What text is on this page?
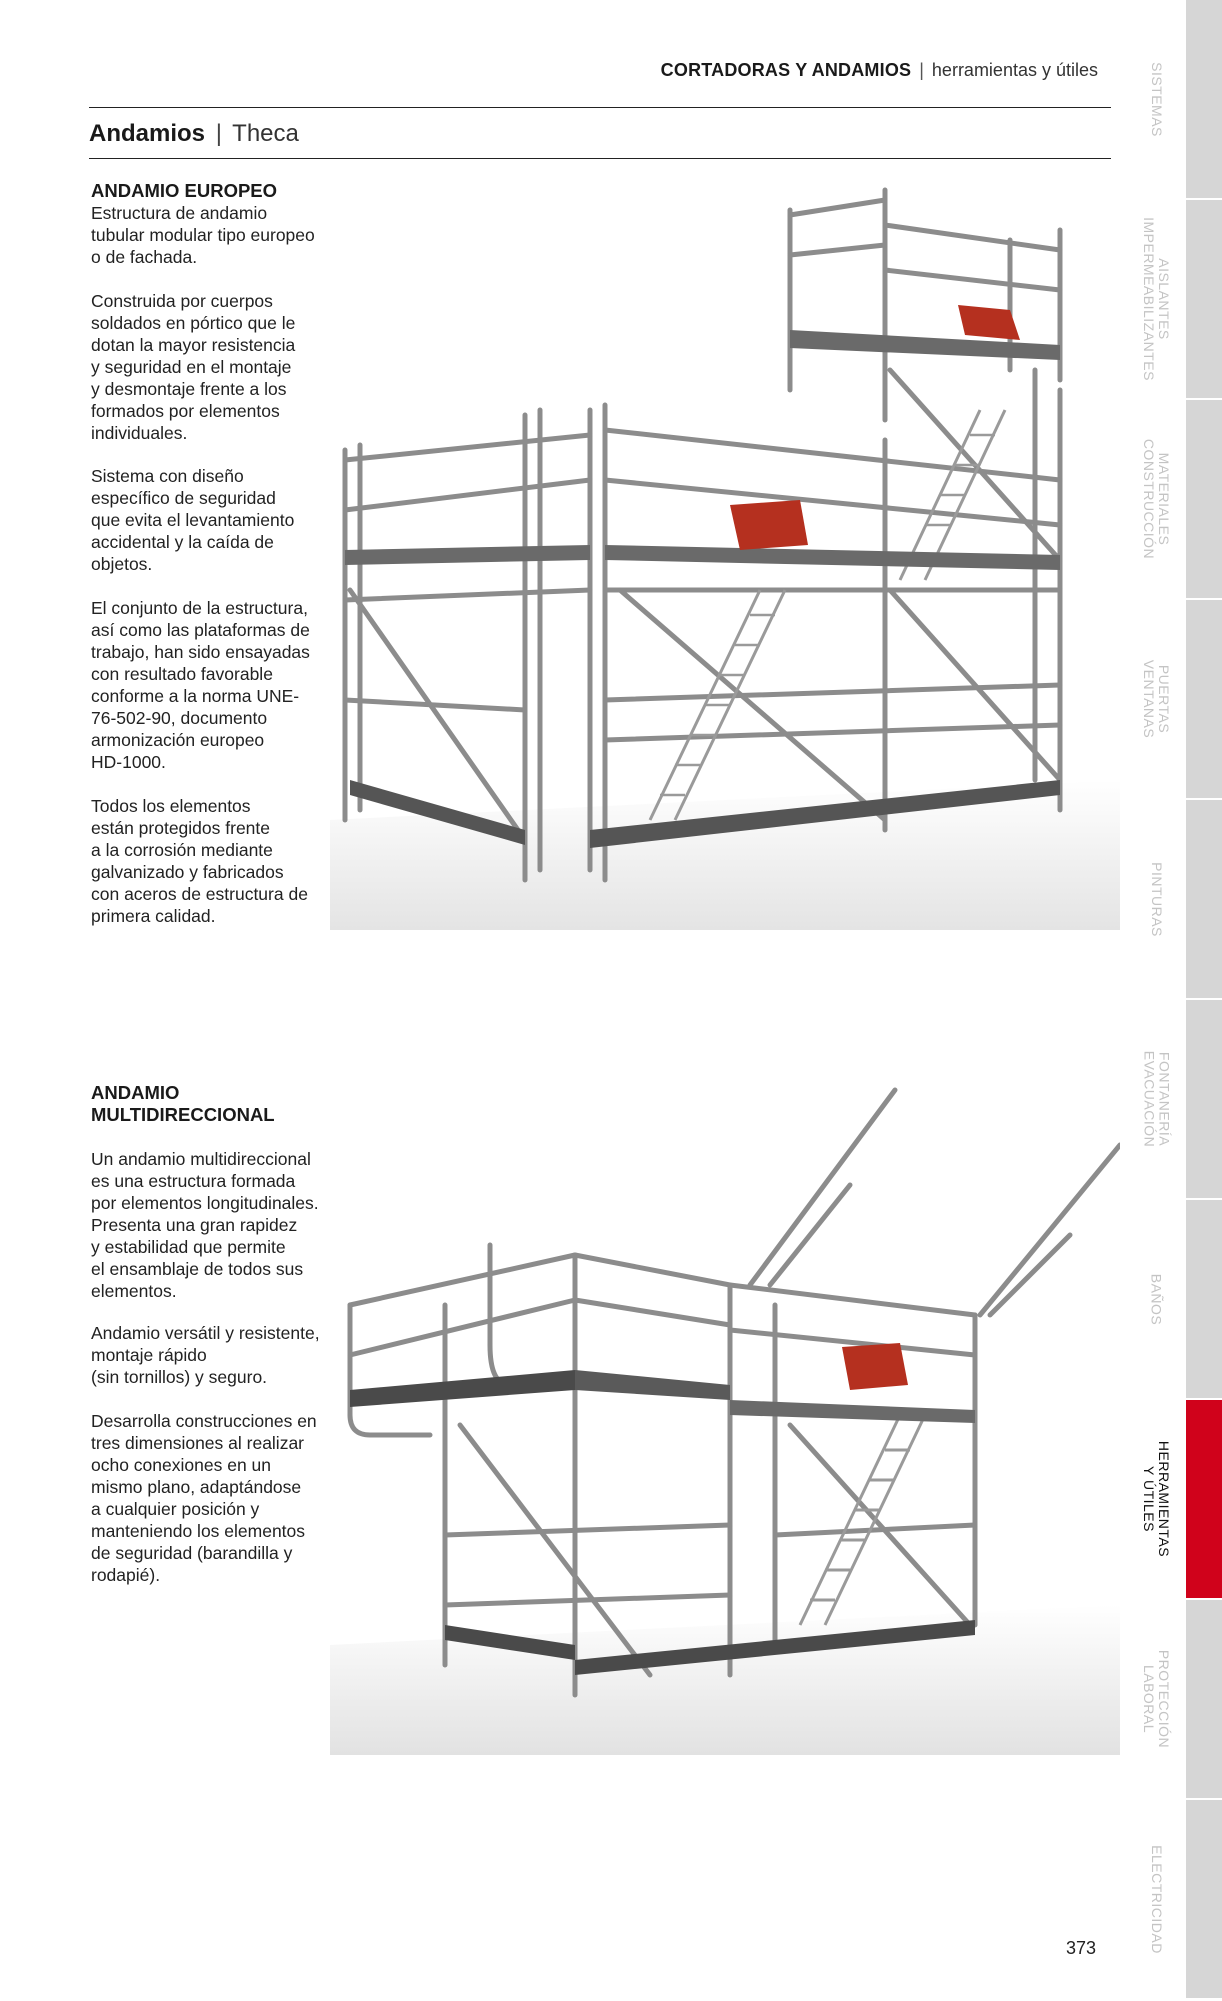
CORTADORAS Y ANDAMIOS | herramientas y útiles
Andamios | Theca
ANDAMIO EUROPEO
Estructura de andamio
tubular modular tipo europeo
o de fachada.
Construida por cuerpos
soldados en pórtico que le
dotan la mayor resistencia
y seguridad en el montaje
y desmontaje frente a los
formados por elementos
individuales.
Sistema con diseño
específico de seguridad
que evita el levantamiento
accidental y la caída de
objetos.
El conjunto de la estructura,
así como las plataformas de
trabajo, han sido ensayadas
con resultado favorable
conforme a la norma UNE-
76-502-90, documento
armonización europeo
HD-1000.
Todos los elementos
están protegidos frente
a la corrosión mediante
galvanizado y fabricados
con aceros de estructura de
primera calidad.
ANDAMIO
MULTIDIRECCIONAL
Un andamio multidireccional
es una estructura formada
por elementos longitudinales.
Presenta una gran rapidez
y estabilidad que permite
el ensamblaje de todos sus
elementos.
Andamio versátil y resistente,
montaje rápido
(sin tornillos) y seguro.
Desarrolla construcciones en
tres dimensiones al realizar
ocho conexiones en un
mismo plano, adaptándose
a cualquier posición y
manteniendo los elementos
de seguridad (barandilla y
rodapié).
SISTEMAS
AISLANTES
IMPERMEABILIZANTES
MATERIALES
CONSTRUCCIÓN
PUERTAS
VENTANAS
PINTURAS
FONTANERÍA
EVACUACIÓN
BAÑOS
HERRAMIENTAS
Y ÚTILES
PROTECCIÓN
LABORAL
ELECTRICIDAD
373
